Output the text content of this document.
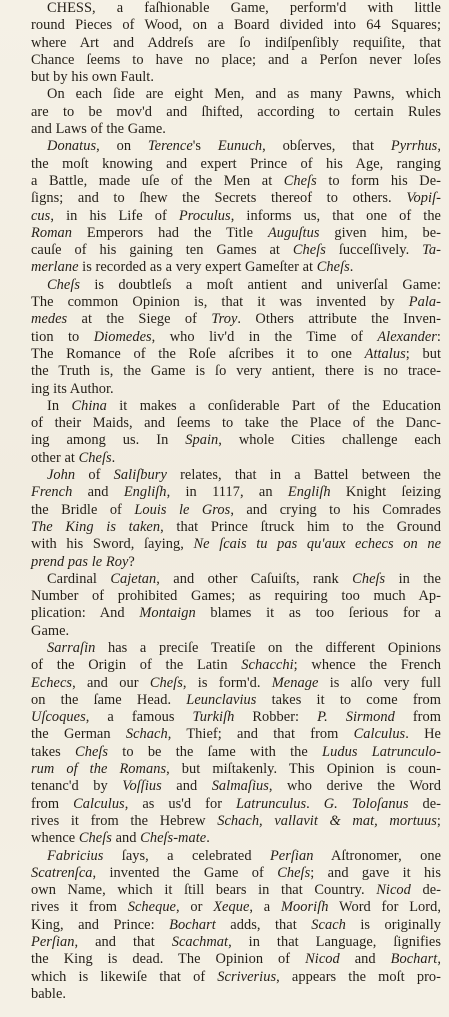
CHESS, a faſhionable Game, perform'd with little
round Pieces of Wood, on a Board divided into 64 Squares;
where Art and Addreſs are ſo indiſpenſibly requiſite, that
Chance ſeems to have no place; and a Perſon never loſes
but by his own Fault.
On each ſide are eight Men, and as many Pawns, which
are to be mov'd and ſhifted, according to certain Rules
and Laws of the Game.
Donatus, on Terence's Eunuch, obſerves, that Pyrrhus,
the moſt knowing and expert Prince of his Age, ranging
a Battle, made uſe of the Men at Cheſs to form his De-
ſigns; and to ſhew the Secrets thereof to others. Vopiſ-
cus, in his Life of Proculus, informs us, that one of the
Roman Emperors had the Title Auguſtus given him, be-
cauſe of his gaining ten Games at Cheſs ſucceſſively. Ta-
merlane is recorded as a very expert Gameſter at Cheſs.
Cheſs is doubtleſs a moſt antient and univerſal Game:
The common Opinion is, that it was invented by Pala-
medes at the Siege of Troy. Others attribute the Inven-
tion to Diomedes, who liv'd in the Time of Alexander:
The Romance of the Roſe aſcribes it to one Attalus; but
the Truth is, the Game is ſo very antient, there is no trace-
ing its Author.
In China it makes a conſiderable Part of the Education
of their Maids, and ſeems to take the Place of the Danc-
ing among us. In Spain, whole Cities challenge each
other at Cheſs.
John of Saliſbury relates, that in a Battel between the
French and Engliſh, in 1117, an Engliſh Knight ſeizing
the Bridle of Louis le Gros, and crying to his Comrades
The King is taken, that Prince ſtruck him to the Ground
with his Sword, ſaying, Ne ſcais tu pas qu'aux echecs on ne
prend pas le Roy?
Cardinal Cajetan, and other Caſuiſts, rank Cheſs in the
Number of prohibited Games; as requiring too much Ap-
plication: And Montaign blames it as too ſerious for a
Game.
Sarraſin has a preciſe Treatiſe on the different Opinions
of the Origin of the Latin Schacchi; whence the French
Echecs, and our Cheſs, is form'd. Menage is alſo very full
on the ſame Head. Leunclavius takes it to come from
Uſcoques, a famous Turkiſh Robber: P. Sirmond from
the German Schach, Thief; and that from Calculus. He
takes Cheſs to be the ſame with the Ludus Latrunculo-
rum of the Romans, but miſtakenly. This Opinion is coun-
tenanc'd by Voſſius and Salmaſius, who derive the Word
from Calculus, as us'd for Latrunculus. G. Toloſanus de-
rives it from the Hebrew Schach, vallavit & mat, mortuus;
whence Cheſs and Cheſs-mate.
Fabricius ſays, a celebrated Perſian Aſtronomer, one
Scatrenſca, invented the Game of Cheſs; and gave it his
own Name, which it ſtill bears in that Country. Nicod de-
rives it from Scheque, or Xeque, a Mooriſh Word for Lord,
King, and Prince: Bochart adds, that Scach is originally
Perſian, and that Scachmat, in that Language, ſignifies
the King is dead. The Opinion of Nicod and Bochart,
which is likewiſe that of Scriverius, appears the moſt pro-
bable.
